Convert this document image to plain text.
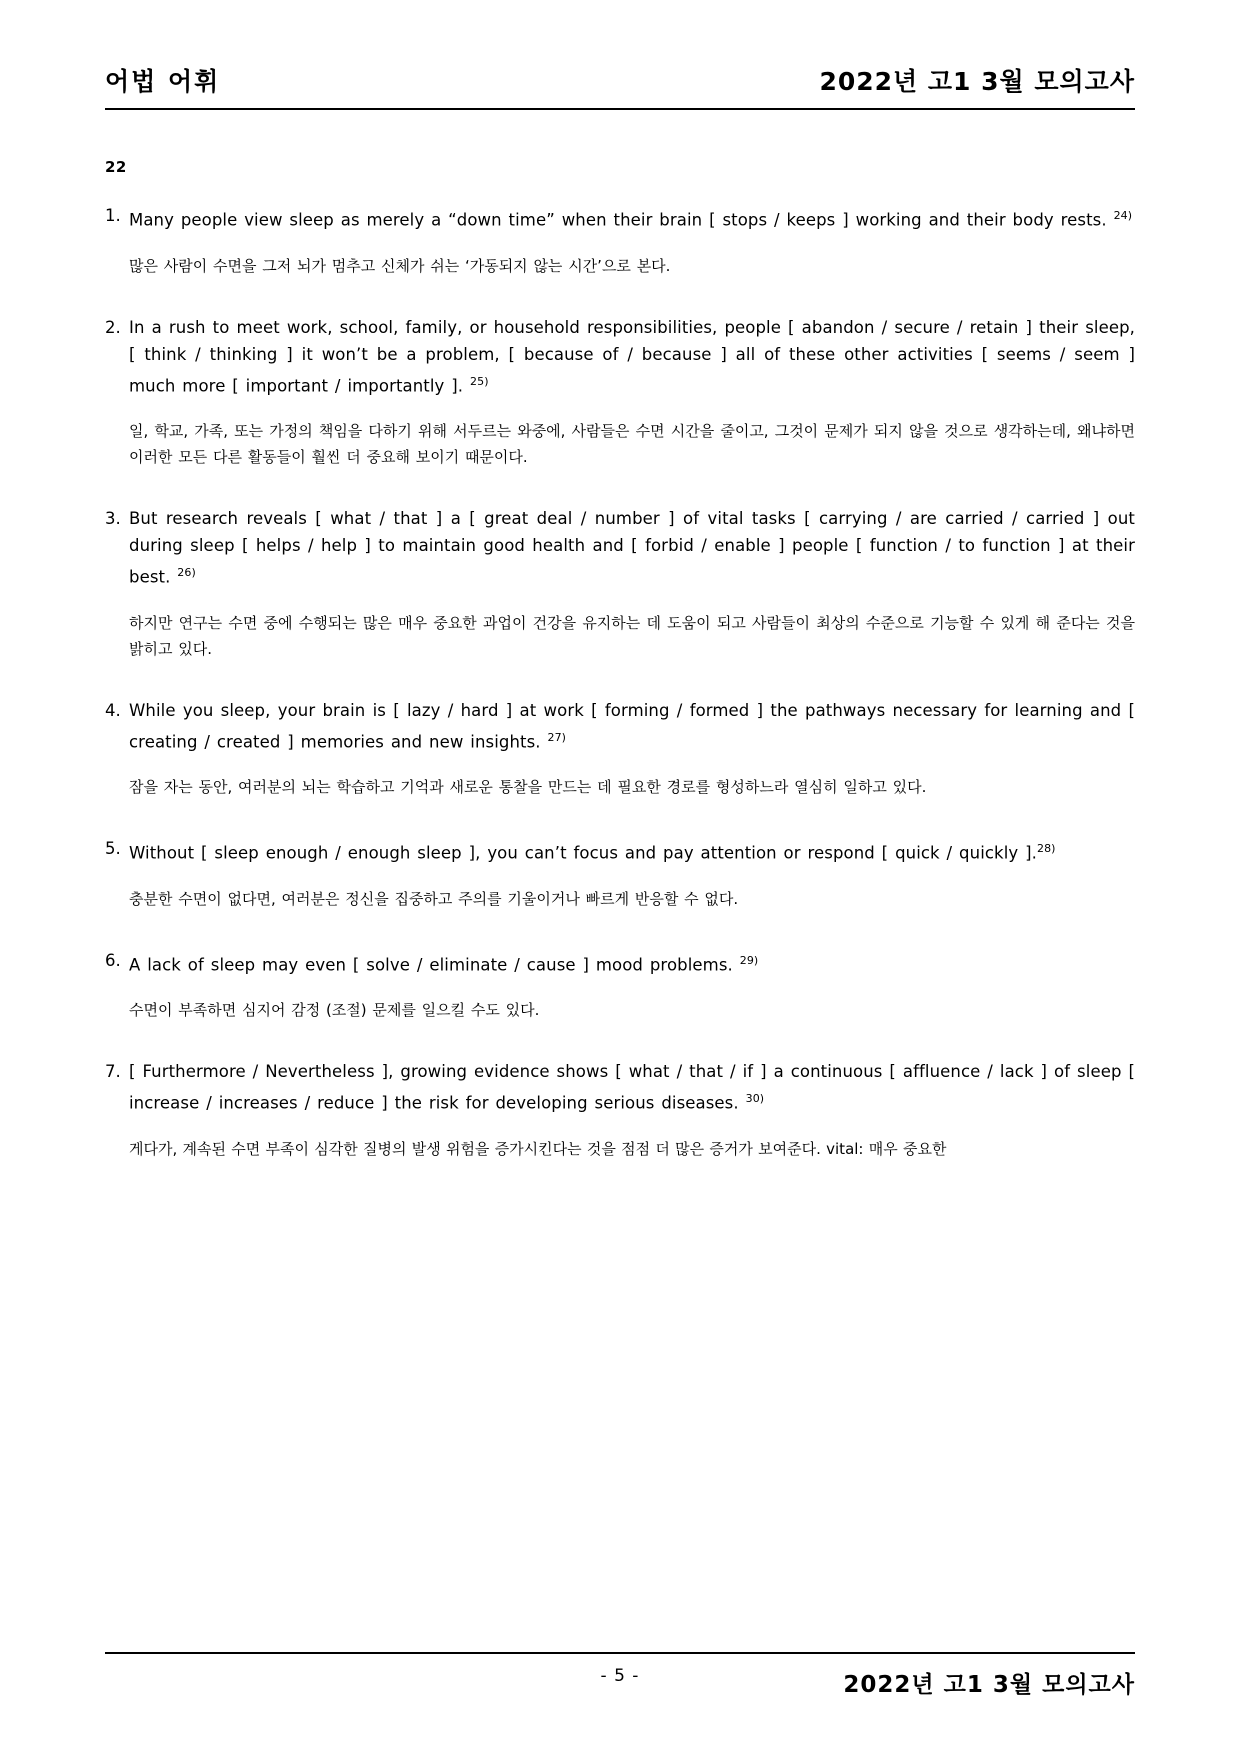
어법 어휘	2022년 고1 3월 모의고사
22
1. Many people view sleep as merely a “down time” when their brain [ stops / keeps ] working and their body rests. $^{24)}$
많은 사람이 수면을 그저 뇌가 멈추고 신체가 쉬는 ‘가동되지 않는 시간’으로 본다.
2. In a rush to meet work, school, family, or household responsibilities, people [ abandon / secure / retain ] their sleep, [ think / thinking ] it won’t be a problem, [ because of / because ] all of these other activities [ seems / seem ] much more [ important / importantly ]. $^{25)}$
일, 학교, 가족, 또는 가정의 책임을 다하기 위해 서두르는 와중에, 사람들은 수면 시간을 줄이고, 그것이 문제가 되지 않을 것으로 생각하는데, 왜냐하면 이러한 모든 다른 활동들이 훨씬 더 중요해 보이기 때문이다.
3. But research reveals [ what / that ] a [ great deal / number ] of vital tasks [ carrying / are carried / carried ] out during sleep [ helps / help ] to maintain good health and [ forbid / enable ] people [ function / to function ] at their best. $^{26)}$
하지만 연구는 수면 중에 수행되는 많은 매우 중요한 과업이 건강을 유지하는 데 도움이 되고 사람들이 최상의 수준으로 기능할 수 있게 해 준다는 것을 밝히고 있다.
4. While you sleep, your brain is [ lazy / hard ] at work [ forming / formed ] the pathways necessary for learning and [ creating / created ] memories and new insights. $^{27)}$
잠을 자는 동안, 여러분의 뇌는 학습하고 기억과 새로운 통찰을 만드는 데 필요한 경로를 형성하느라 열심히 일하고 있다.
5. Without [ sleep enough / enough sleep ], you can’t focus and pay attention or respond [ quick / quickly ].$^{28)}$
충분한 수면이 없다면, 여러분은 정신을 집중하고 주의를 기울이거나 빠르게 반응할 수 없다.
6. A lack of sleep may even [ solve / eliminate / cause ] mood problems. $^{29)}$
수면이 부족하면 심지어 감정 (조절) 문제를 일으킬 수도 있다.
7. [ Furthermore / Nevertheless ], growing evidence shows [ what / that / if ] a continuous [ affluence / lack ] of sleep [ increase / increases / reduce ] the risk for developing serious diseases. $^{30)}$
게다가, 계속된 수면 부족이 심각한 질병의 발생 위험을 증가시킨다는 것을 점점 더 많은 증거가 보여준다. vital: 매우 중요한
- 5 -	2022년 고1 3월 모의고사
